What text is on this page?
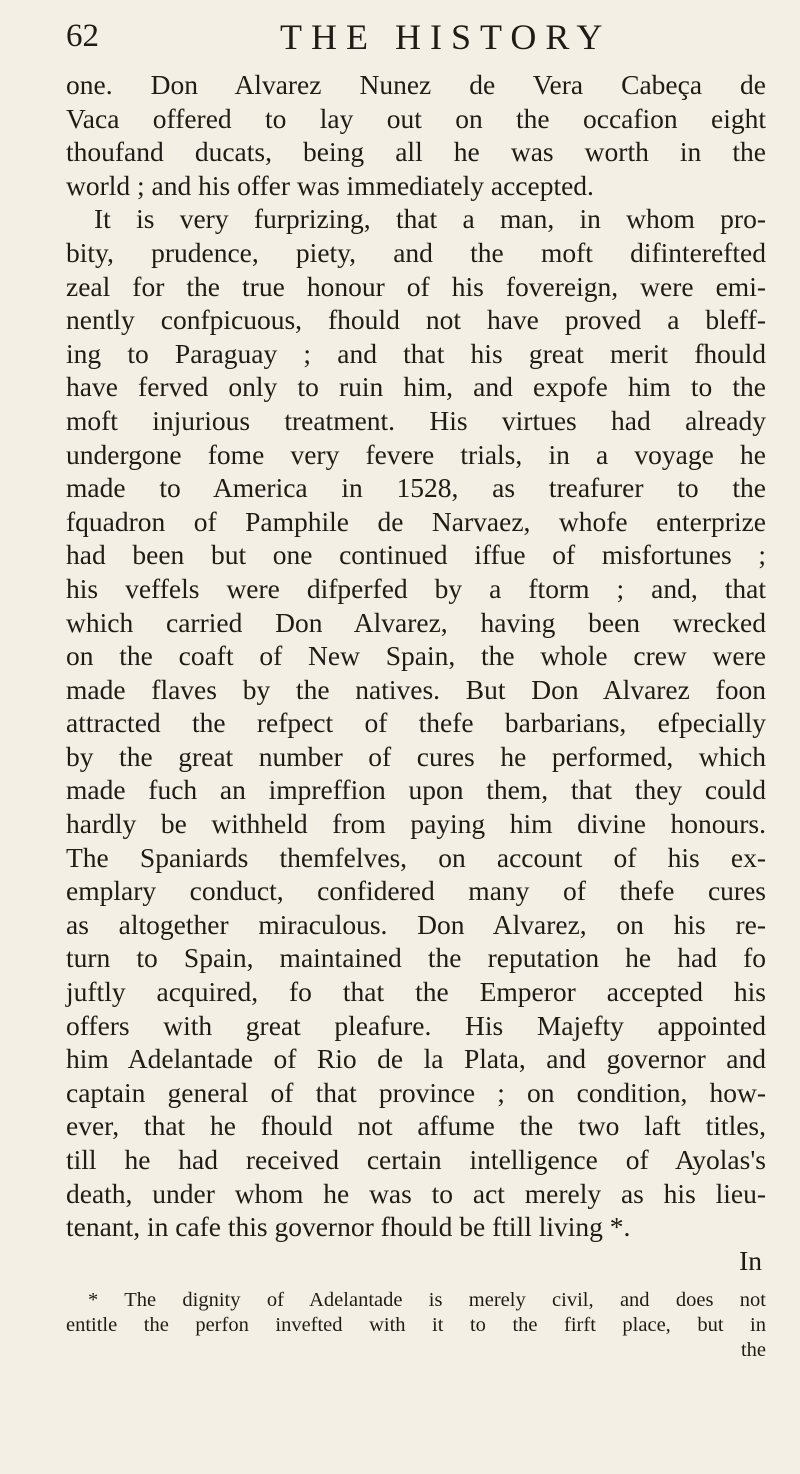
62	THE HISTORY
one. Don Alvarez Nunez de Vera Cabeça de
Vaca offered to lay out on the occafion eight
thoufand ducats, being all he was worth in the
world ; and his offer was immediately accepted.
It is very furprizing, that a man, in whom pro-
bity, prudence, piety, and the moft difinterefted
zeal for the true honour of his fovereign, were emi-
nently confpicuous, fhould not have proved a bleff-
ing to Paraguay ; and that his great merit fhould
have ferved only to ruin him, and expofe him to the
moft injurious treatment. His virtues had already
undergone fome very fevere trials, in a voyage he
made to America in 1528, as treafurer to the
fquadron of Pamphile de Narvaez, whofe enterprize
had been but one continued iffue of misfortunes ;
his veffels were difperfed by a ftorm ; and, that
which carried Don Alvarez, having been wrecked
on the coaft of New Spain, the whole crew were
made flaves by the natives. But Don Alvarez foon
attracted the refpect of thefe barbarians, efpecially
by the great number of cures he performed, which
made fuch an impreffion upon them, that they could
hardly be withheld from paying him divine honours.
The Spaniards themfelves, on account of his ex-
emplary conduct, confidered many of thefe cures
as altogether miraculous. Don Alvarez, on his re-
turn to Spain, maintained the reputation he had fo
juftly acquired, fo that the Emperor accepted his
offers with great pleafure. His Majefty appointed
him Adelantade of Rio de la Plata, and governor and
captain general of that province ; on condition, how-
ever, that he fhould not affume the two laft titles,
till he had received certain intelligence of Ayolas's
death, under whom he was to act merely as his lieu-
tenant, in cafe this governor fhould be ftill living *.
In
* The dignity of Adelantade is merely civil, and does not
entitle the perfon invefted with it to the firft place, but in
the
